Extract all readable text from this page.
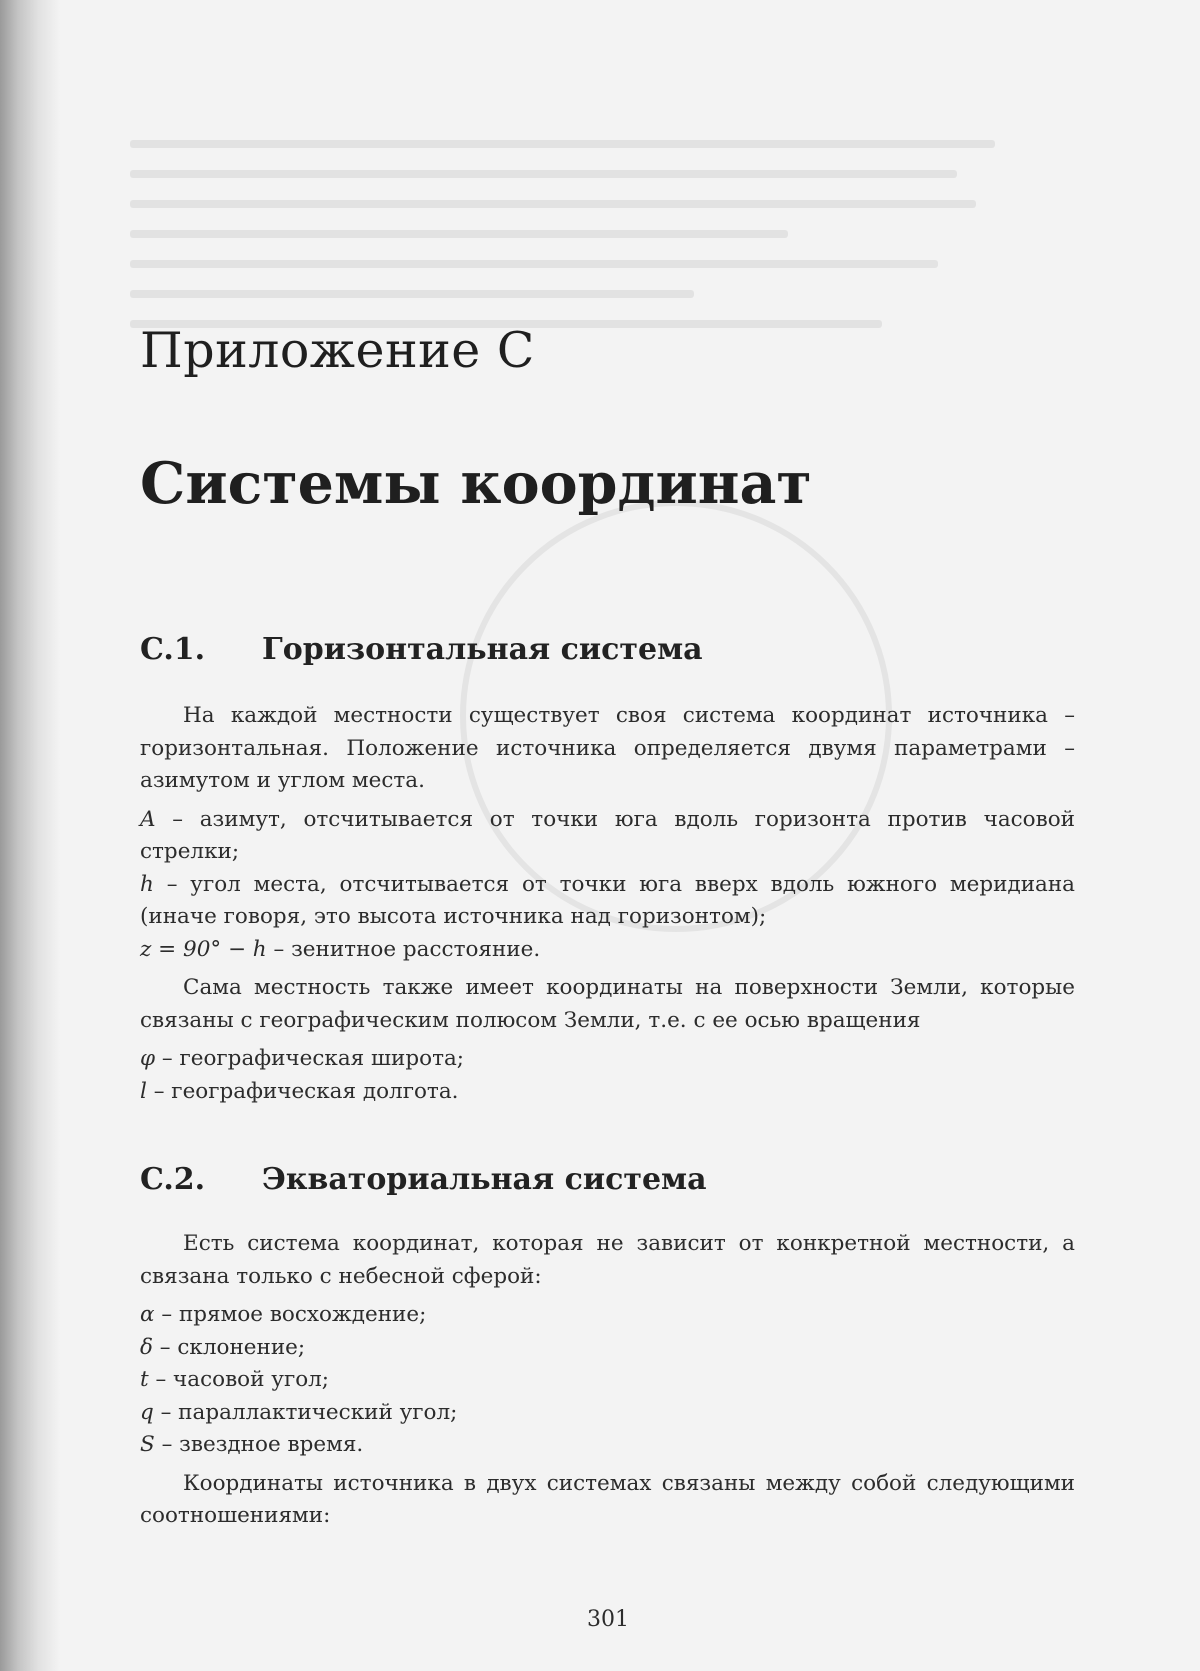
Приложение C
Системы координат
C.1. Горизонтальная система

На каждой местности существует своя система координат источника – горизонтальная. Положение источника определяется двумя параметрами – азимутом и углом места.

A – азимут, отсчитывается от точки юга вдоль горизонта против часовой стрелки;

h – угол места, отсчитывается от точки юга вверх вдоль южного меридиана (иначе говоря, это высота источника над горизонтом);

z = 90° − h – зенитное расстояние.

Сама местность также имеет координаты на поверхности Земли, которые связаны с географическим полюсом Земли, т.е. с ее осью вращения

φ – географическая широта;

l – географическая долгота.

C.2. Экваториальная система

Есть система координат, которая не зависит от конкретной местности, а связана только с небесной сферой:

α – прямое восхождение;

δ – склонение;

t – часовой угол;

q – параллактический угол;

S – звездное время.

Координаты источника в двух системах связаны между собой следующими соотношениями:

301
